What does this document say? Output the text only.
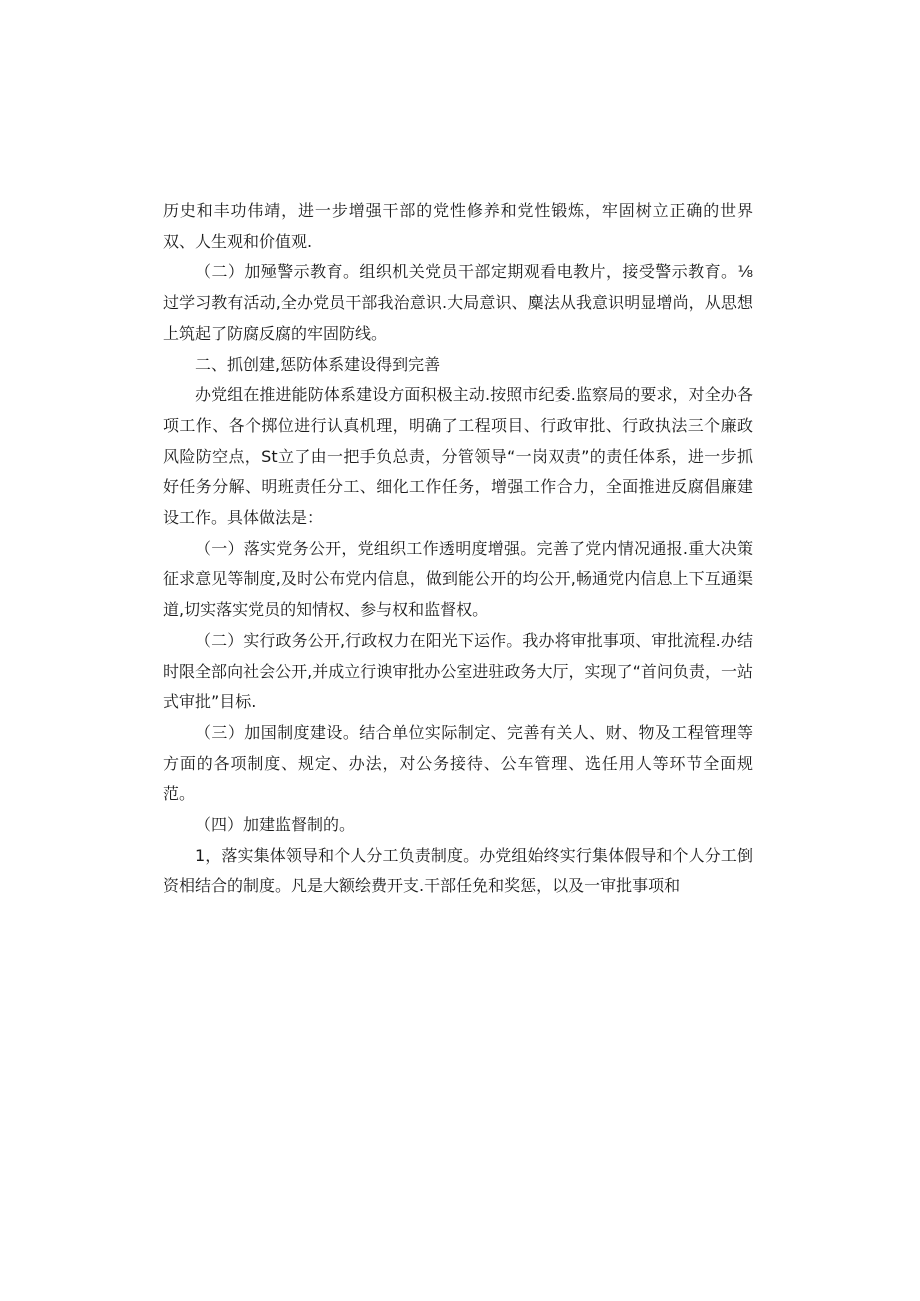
历史和丰功伟靖，进一步增强干部的党性修养和党性锻炼，牢固树立正确的世界双、人生观和价值观.

（二）加殛警示教育。组织机关党员干部定期观看电教片，接受警示教育。⅛过学习教有活动,全办党员干部我治意识.大局意识、麋法从我意识明显增尚，从思想上筑起了防腐反腐的牢固防线。

二、抓创建,惩防体系建设得到完善

办党组在推进能防体系建设方面积极主动.按照市纪委.监察局的要求，对全办各项工作、各个掷位进行认真机理，明确了工程项目、行政审批、行政执法三个廉政风险防空点，St立了由一把手负总责，分管领导“一岗双责”的责任体系，进一步抓好任务分解、明班责任分工、细化工作任务，增强工作合力，全面推进反腐倡廉建设工作。具体做法是：

（一）落实党务公开，党组织工作透明度增强。完善了党内情况通报.重大决策征求意见等制度,及时公布党内信息，做到能公开的均公开,畅通党内信息上下互通渠道,切实落实党员的知情权、参与权和监督权。

（二）实行政务公开,行政权力在阳光下运作。我办将审批事项、审批流程.办结时限全部向社会公开,并成立行谀审批办公室进驻政务大厅，实现了“首问负责，一站式审批”目标.

（三）加国制度建设。结合单位实际制定、完善有关人、财、物及工程管理等方面的各项制度、规定、办法，对公务接待、公车管理、选任用人等环节全面规范。

（四）加建监督制的。

1，落实集体领导和个人分工负责制度。办党组始终实行集体假导和个人分工倒资相结合的制度。凡是大额绘费开支.干部任免和奖惩，以及一审批事项和
